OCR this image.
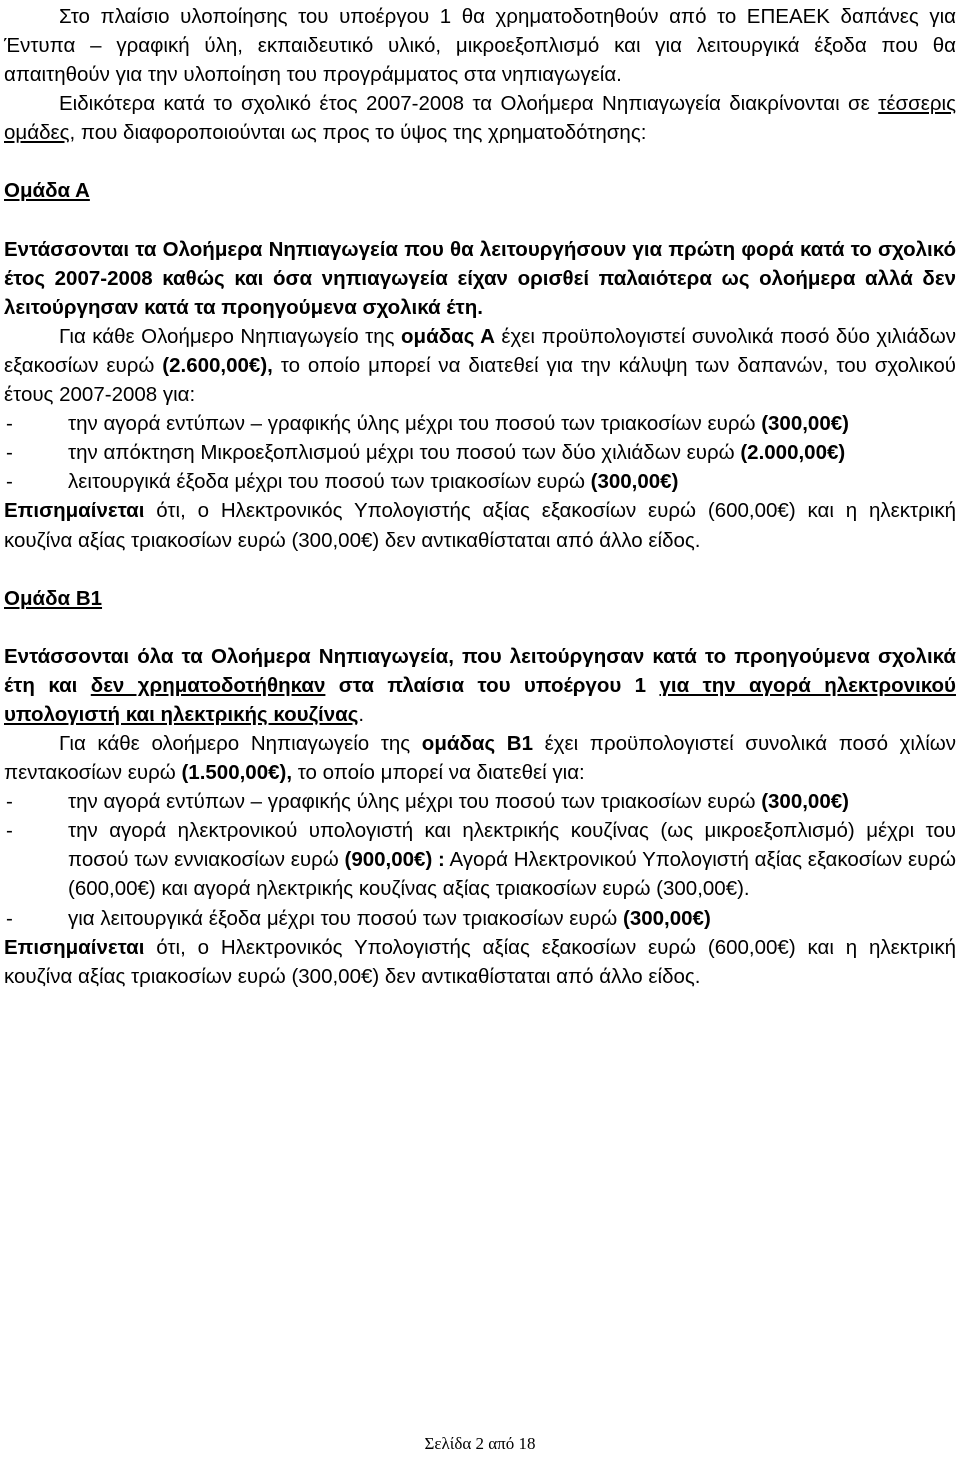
Στο πλαίσιο υλοποίησης του υποέργου 1 θα χρηματοδοτηθούν από το ΕΠΕΑΕΚ δαπάνες για Έντυπα – γραφική ύλη, εκπαιδευτικό υλικό, μικροεξοπλισμό και για λειτουργικά έξοδα που θα απαιτηθούν για την υλοποίηση του προγράμματος στα νηπιαγωγεία.

Ειδικότερα κατά το σχολικό έτος 2007-2008 τα Ολοήμερα Νηπιαγωγεία διακρίνονται σε τέσσερις ομάδες, που διαφοροποιούνται ως προς το ύψος της χρηματοδότησης:

Ομάδα Α

Εντάσσονται τα Ολοήμερα Νηπιαγωγεία που θα λειτουργήσουν για πρώτη φορά κατά το σχολικό έτος 2007-2008 καθώς και όσα νηπιαγωγεία είχαν ορισθεί παλαιότερα ως ολοήμερα αλλά δεν λειτούργησαν κατά τα προηγούμενα σχολικά έτη.

Για κάθε Ολοήμερο Νηπιαγωγείο της ομάδας Α έχει προϋπολογιστεί συνολικά ποσό δύο χιλιάδων εξακοσίων ευρώ (2.600,00€), το οποίο μπορεί να διατεθεί για την κάλυψη των δαπανών, του σχολικού έτους 2007-2008 για:

- την αγορά εντύπων – γραφικής ύλης μέχρι του ποσού των τριακοσίων ευρώ (300,00€)
- την απόκτηση Μικροεξοπλισμού μέχρι του ποσού των δύο χιλιάδων ευρώ (2.000,00€)
- λειτουργικά έξοδα μέχρι του ποσού των τριακοσίων ευρώ (300,00€)

Επισημαίνεται ότι, ο Ηλεκτρονικός Υπολογιστής αξίας εξακοσίων ευρώ (600,00€) και η ηλεκτρική κουζίνα αξίας τριακοσίων ευρώ (300,00€) δεν αντικαθίσταται από άλλο είδος.

Ομάδα Β1

Εντάσσονται όλα τα Ολοήμερα Νηπιαγωγεία, που λειτούργησαν κατά το προηγούμενα σχολικά έτη και δεν χρηματοδοτήθηκαν στα πλαίσια του υποέργου 1 για την αγορά ηλεκτρονικού υπολογιστή και ηλεκτρικής κουζίνας.

Για κάθε ολοήμερο Νηπιαγωγείο της ομάδας Β1 έχει προϋπολογιστεί συνολικά ποσό χιλίων πεντακοσίων ευρώ (1.500,00€), το οποίο μπορεί να διατεθεί για:

- την αγορά εντύπων – γραφικής ύλης μέχρι του ποσού των τριακοσίων ευρώ (300,00€)
- την αγορά ηλεκτρονικού υπολογιστή και ηλεκτρικής κουζίνας (ως μικροεξοπλισμό) μέχρι του ποσού των εννιακοσίων ευρώ (900,00€) : Αγορά Ηλεκτρονικού Υπολογιστή αξίας εξακοσίων ευρώ (600,00€) και αγορά ηλεκτρικής κουζίνας αξίας τριακοσίων ευρώ (300,00€).
- για λειτουργικά έξοδα μέχρι του ποσού των τριακοσίων ευρώ (300,00€)

Επισημαίνεται ότι, ο Ηλεκτρονικός Υπολογιστής αξίας εξακοσίων ευρώ (600,00€) και η ηλεκτρική κουζίνα αξίας τριακοσίων ευρώ (300,00€) δεν αντικαθίσταται από άλλο είδος.

Σελίδα 2 από 18
